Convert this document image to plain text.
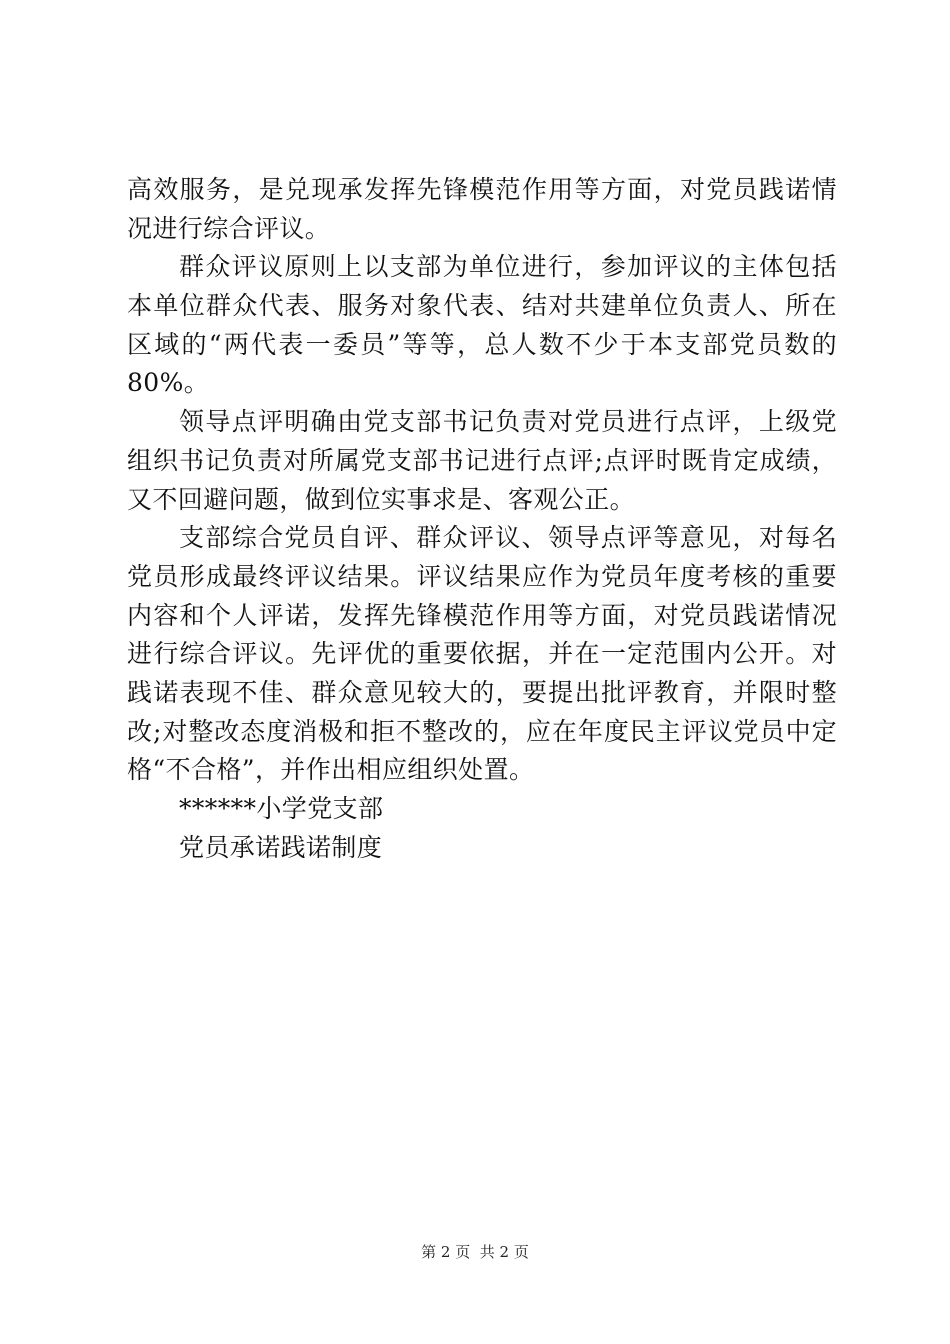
高效服务，是兑现承发挥先锋模范作用等方面，对党员践诺情
况进行综合评议。
群众评议原则上以支部为单位进行，参加评议的主体包括
本单位群众代表、服务对象代表、结对共建单位负责人、所在
区域的“两代表一委员”等等，总人数不少于本支部党员数的
80%。
领导点评明确由党支部书记负责对党员进行点评，上级党
组织书记负责对所属党支部书记进行点评;点评时既肯定成绩，
又不回避问题，做到位实事求是、客观公正。
支部综合党员自评、群众评议、领导点评等意见，对每名
党员形成最终评议结果。评议结果应作为党员年度考核的重要
内容和个人评诺，发挥先锋模范作用等方面，对党员践诺情况
进行综合评议。先评优的重要依据，并在一定范围内公开。对
践诺表现不佳、群众意见较大的，要提出批评教育，并限时整
改;对整改态度消极和拒不整改的，应在年度民主评议党员中定
格“不合格”，并作出相应组织处置。
******小学党支部
党员承诺践诺制度
第 2 页  共 2 页
